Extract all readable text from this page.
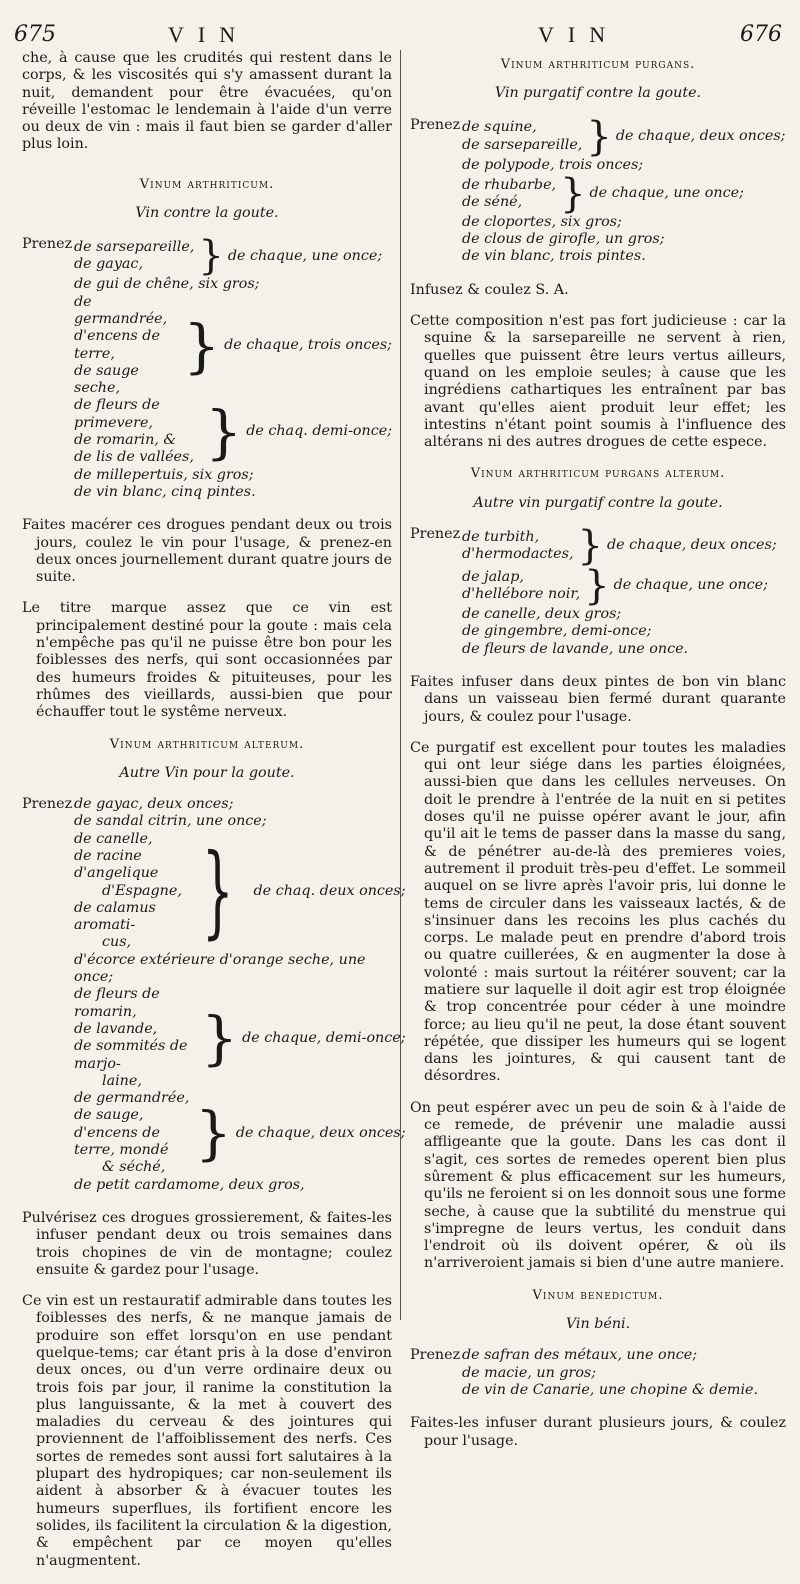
675	VIN	VIN	676

che, à cause que les crudités qui restent dans le corps, & les viscosités qui s'y amassent durant la nuit, demandent pour être évacuées, qu'on réveille l'estomac le lendemain à l'aide d'un verre ou deux de vin : mais il faut bien se garder d'aller plus loin.

Vinum arthriticum.
Vin contre la goute.
Prenez de sarsepareille,
de gayac,	} de chaque, une once;
de gui de chêne, six gros;
de germandrée,
d'encens de terre,
de sauge seche,
} de chaque, trois onces;
de fleurs de primevere,
de romarin, &
de lis de vallées, } de chaq. demi-once;
de millepertuis, six gros;
de vin blanc, cinq pintes.

Faites macérer ces drogues pendant deux ou trois jours, coulez le vin pour l'usage, & prenez-en deux onces journellement durant quatre jours de suite.

Le titre marque assez que ce vin est principalement destiné pour la goute : mais cela n'empêche pas qu'il ne puisse être bon pour les foiblesses des nerfs, qui sont occasionnées par des humeurs froides & pituiteuses, pour les rhûmes des vieillards, aussi-bien que pour échauffer tout le systême nerveux.

Vinum arthriticum alterum.
Autre Vin pour la goute.
Prenez de gayac, deux onces;
de sandal citrin, une once;
de canelle,
de racine d'angelique
d'Espagne,
de calamus aromati-
cus, } de chaq. deux onces;
d'écorce extérieure d'orange seche, une once;
de fleurs de romarin,
de lavande,
de sommités de marjo-
laine,
} de chaque, demi-once;
de germandrée,
de sauge,
d'encens de terre, mondé
& séché, } de chaque, deux onces;
de petit cardamome, deux gros,

Pulvérisez ces drogues grossierement, & faites-les infuser pendant deux ou trois semaines dans trois chopines de vin de montagne; coulez ensuite & gardez pour l'usage.

Ce vin est un restauratif admirable dans toutes les foiblesses des nerfs, & ne manque jamais de produire son effet lorsqu'on en use pendant quelque-tems; car étant pris à la dose d'environ deux onces, ou d'un verre ordinaire deux ou trois fois par jour, il ranime la constitution la plus languissante, & la met à couvert des maladies du cerveau & des jointures qui proviennent de l'affoiblissement des nerfs. Ces sortes de remedes sont aussi fort salutaires à la plupart des hydropiques; car non-seulement ils aident à absorber & à évacuer toutes les humeurs superflues, ils fortifient encore les solides, ils facilitent la circulation & la digestion, & empêchent par ce moyen qu'elles n'augmentent.

Vinum arthriticum purgans.
Vin purgatif contre la goute.
Prenez de squine,
de sarsepareille, } de chaque, deux onces;
de polypode, trois onces;
de rhubarbe,
de séné, } de chaque, une once;
de cloportes, six gros;
de clous de girofle, un gros;
de vin blanc, trois pintes.

Infusez & coulez S. A.

Cette composition n'est pas fort judicieuse : car la squine & la sarsepareille ne servent à rien, quelles que puissent être leurs vertus ailleurs, quand on les emploie seules; à cause que les ingrédiens cathartiques les entraînent par bas avant qu'elles aient produit leur effet; les intestins n'étant point soumis à l'influence des altérans ni des autres drogues de cette espece.

Vinum arthriticum purgans alterum.
Autre vin purgatif contre la goute.
Prenez de turbith,
d'hermodactes, } de chaque, deux onces;
de jalap,
d'hellébore noir, } de chaque, une once;
de canelle, deux gros;
de gingembre, demi-once;
de fleurs de lavande, une once.

Faites infuser dans deux pintes de bon vin blanc dans un vaisseau bien fermé durant quarante jours, & coulez pour l'usage.

Ce purgatif est excellent pour toutes les maladies qui ont leur siége dans les parties éloignées, aussi-bien que dans les cellules nerveuses. On doit le prendre à l'entrée de la nuit en si petites doses qu'il ne puisse opérer avant le jour, afin qu'il ait le tems de passer dans la masse du sang, & de pénétrer au-de-là des premieres voies, autrement il produit très-peu d'effet. Le sommeil auquel on se livre après l'avoir pris, lui donne le tems de circuler dans les vaisseaux lactés, & de s'insinuer dans les recoins les plus cachés du corps. Le malade peut en prendre d'abord trois ou quatre cuillerées, & en augmenter la dose à volonté : mais surtout la réitérer souvent; car la matiere sur laquelle il doit agir est trop éloignée & trop concentrée pour céder à une moindre force; au lieu qu'il ne peut, la dose étant souvent répétée, que dissiper les humeurs qui se logent dans les jointures, & qui causent tant de désordres.

On peut espérer avec un peu de soin & à l'aide de ce remede, de prévenir une maladie aussi affligeante que la goute. Dans les cas dont il s'agit, ces sortes de remedes operent bien plus sûrement & plus efficacement sur les humeurs, qu'ils ne feroient si on les donnoit sous une forme seche, à cause que la subtilité du menstrue qui s'impregne de leurs vertus, les conduit dans l'endroit où ils doivent opérer, & où ils n'arriveroient jamais si bien d'une autre maniere.

Vinum benedictum.
Vin béni.
Prenez de safran des métaux, une once;
de macie, un gros;
de vin de Canarie, une chopine & demie.

Faites-les infuser durant plusieurs jours, & coulez pour l'usage.
